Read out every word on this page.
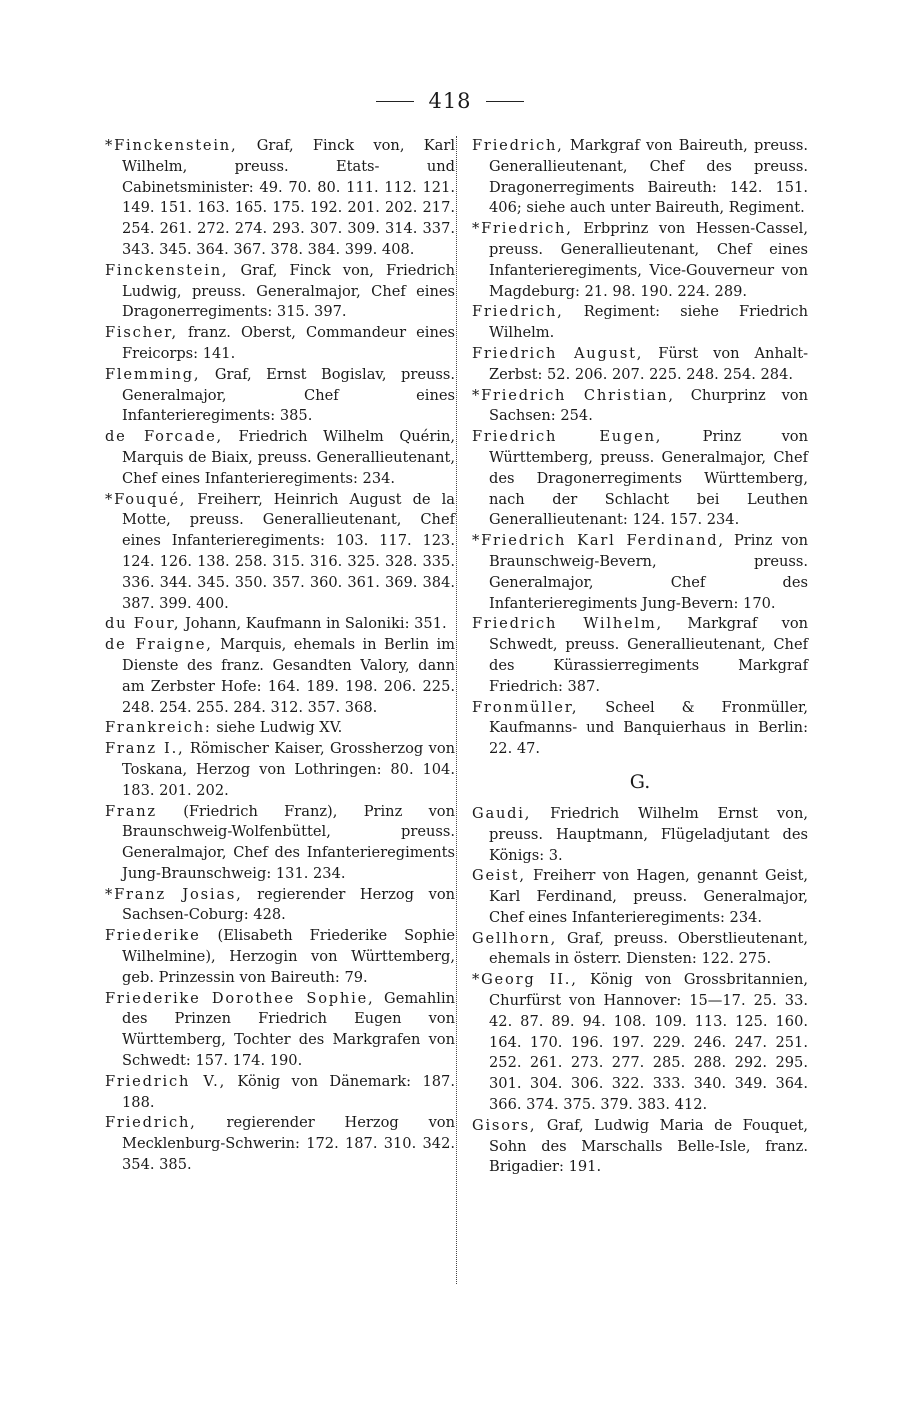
418
*Finckenstein, Graf, Finck von, Karl Wilhelm, preuss. Etats- und Cabinetsminister: 49. 70. 80. 111. 112. 121. 149. 151. 163. 165. 175. 192. 201. 202. 217. 254. 261. 272. 274. 293. 307. 309. 314. 337. 343. 345. 364. 367. 378. 384. 399. 408.
Finckenstein, Graf, Finck von, Friedrich Ludwig, preuss. Generalmajor, Chef eines Dragonerregiments: 315. 397.
Fischer, franz. Oberst, Commandeur eines Freicorps: 141.
Flemming, Graf, Ernst Bogislav, preuss. Generalmajor, Chef eines Infanterieregiments: 385.
de Forcade, Friedrich Wilhelm Quérin, Marquis de Biaix, preuss. Generallieutenant, Chef eines Infanterieregiments: 234.
*Fouqué, Freiherr, Heinrich August de la Motte, preuss. Generallieutenant, Chef eines Infanterieregiments: 103. 117. 123. 124. 126. 138. 258. 315. 316. 325. 328. 335. 336. 344. 345. 350. 357. 360. 361. 369. 384. 387. 399. 400.
du Four, Johann, Kaufmann in Saloniki: 351.
de Fraigne, Marquis, ehemals in Berlin im Dienste des franz. Gesandten Valory, dann am Zerbster Hofe: 164. 189. 198. 206. 225. 248. 254. 255. 284. 312. 357. 368.
Frankreich: siehe Ludwig XV.
Franz I., Römischer Kaiser, Grossherzog von Toskana, Herzog von Lothringen: 80. 104. 183. 201. 202.
Franz (Friedrich Franz), Prinz von Braunschweig-Wolfenbüttel, preuss. Generalmajor, Chef des Infanterieregiments Jung-Braunschweig: 131. 234.
*Franz Josias, regierender Herzog von Sachsen-Coburg: 428.
Friederike (Elisabeth Friederike Sophie Wilhelmine), Herzogin von Württemberg, geb. Prinzessin von Baireuth: 79.
Friederike Dorothee Sophie, Gemahlin des Prinzen Friedrich Eugen von Württemberg, Tochter des Markgrafen von Schwedt: 157. 174. 190.
Friedrich V., König von Dänemark: 187. 188.
Friedrich, regierender Herzog von Mecklenburg-Schwerin: 172. 187. 310. 342. 354. 385.
Friedrich, Markgraf von Baireuth, preuss. Generallieutenant, Chef des preuss. Dragonerregiments Baireuth: 142. 151. 406; siehe auch unter Baireuth, Regiment.
*Friedrich, Erbprinz von Hessen-Cassel, preuss. Generallieutenant, Chef eines Infanterieregiments, Vice-Gouverneur von Magdeburg: 21. 98. 190. 224. 289.
Friedrich, Regiment: siehe Friedrich Wilhelm.
Friedrich August, Fürst von Anhalt-Zerbst: 52. 206. 207. 225. 248. 254. 284.
*Friedrich Christian, Churprinz von Sachsen: 254.
Friedrich Eugen, Prinz von Württemberg, preuss. Generalmajor, Chef des Dragonerregiments Württemberg, nach der Schlacht bei Leuthen Generallieutenant: 124. 157. 234.
*Friedrich Karl Ferdinand, Prinz von Braunschweig-Bevern, preuss. Generalmajor, Chef des Infanterieregiments Jung-Bevern: 170.
Friedrich Wilhelm, Markgraf von Schwedt, preuss. Generallieutenant, Chef des Kürassierregiments Markgraf Friedrich: 387.
Fronmüller, Scheel & Fronmüller, Kaufmanns- und Banquierhaus in Berlin: 22. 47.
G.
Gaudi, Friedrich Wilhelm Ernst von, preuss. Hauptmann, Flügeladjutant des Königs: 3.
Geist, Freiherr von Hagen, genannt Geist, Karl Ferdinand, preuss. Generalmajor, Chef eines Infanterieregiments: 234.
Gellhorn, Graf, preuss. Oberstlieutenant, ehemals in österr. Diensten: 122. 275.
*Georg II., König von Grossbritannien, Churfürst von Hannover: 15—17. 25. 33. 42. 87. 89. 94. 108. 109. 113. 125. 160. 164. 170. 196. 197. 229. 246. 247. 251. 252. 261. 273. 277. 285. 288. 292. 295. 301. 304. 306. 322. 333. 340. 349. 364. 366. 374. 375. 379. 383. 412.
Gisors, Graf, Ludwig Maria de Fouquet, Sohn des Marschalls Belle-Isle, franz. Brigadier: 191.
